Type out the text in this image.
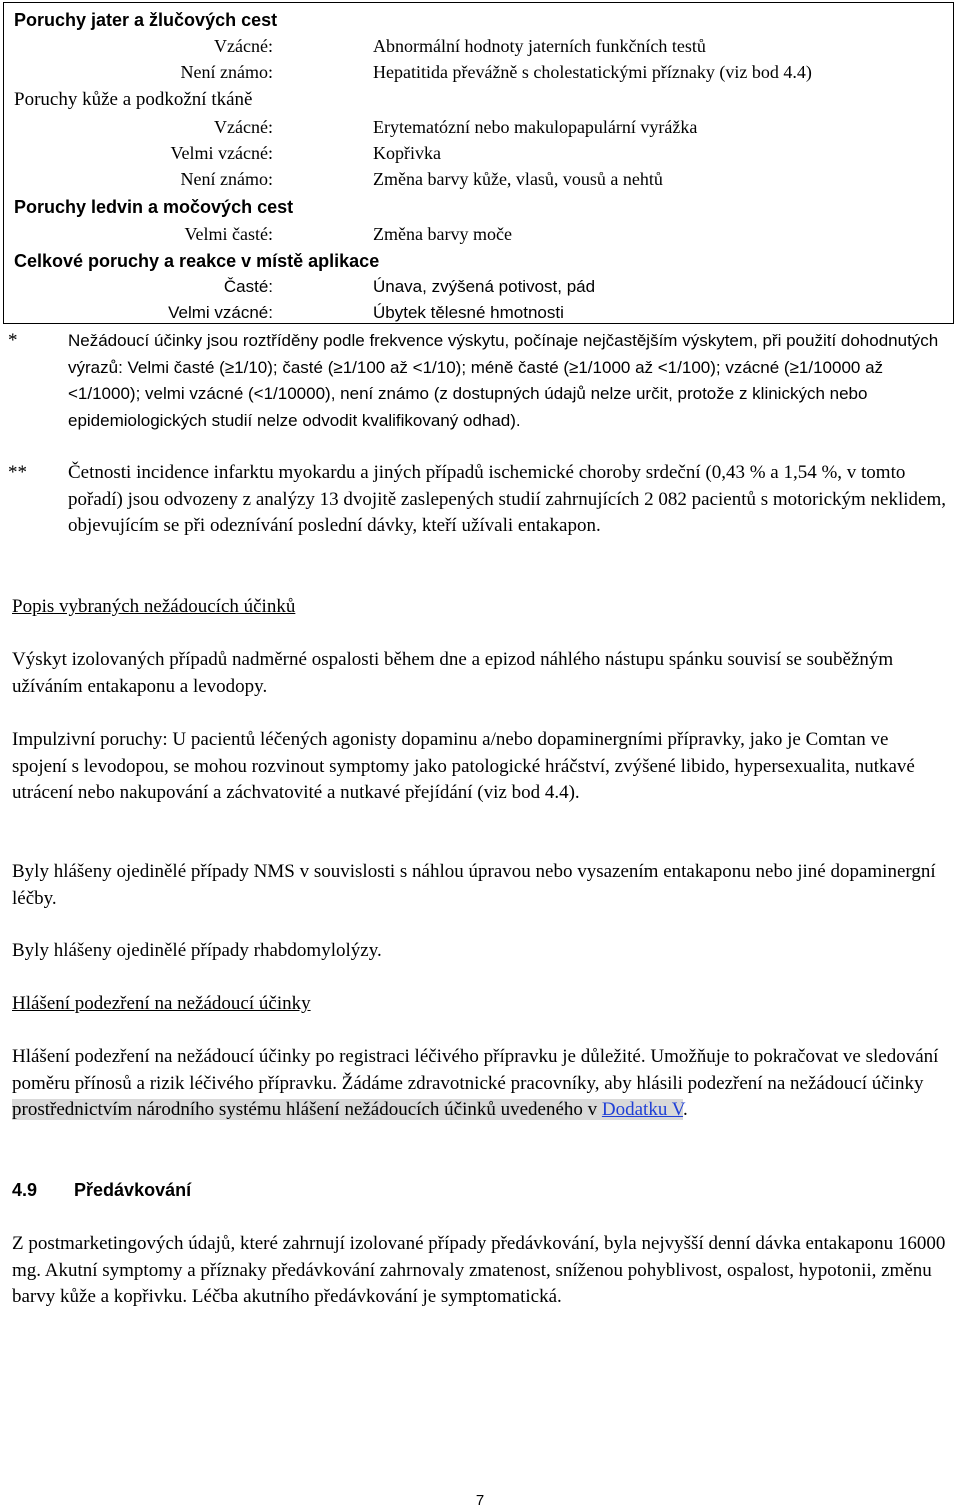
Poruchy jater a žlučových cest
Vzácné:	Abnormální hodnoty jaterních funkčních testů
Není známo:	Hepatitida převážně s cholestatickými příznaky (viz bod 4.4)
Poruchy kůže a podkožní tkáně
Vzácné:	Erytematózní nebo makulopapulární vyrážka
Velmi vzácné:	Kopřivka
Není známo:	Změna barvy kůže, vlasů, vousů a nehtů
Poruchy ledvin a močových cest
Velmi časté:	Změna barvy moče
Celkové poruchy a reakce v místě aplikace
Časté:	Únava, zvýšená potivost, pád
Velmi vzácné:	Úbytek tělesné hmotnosti
*	Nežádoucí účinky jsou roztříděny podle frekvence výskytu, počínaje nejčastějším výskytem, při použití dohodnutých výrazů: Velmi časté (≥1/10); časté (≥1/100 až <1/10); méně časté (≥1/1000 až <1/100); vzácné (≥1/10000 až <1/1000); velmi vzácné (<1/10000), není známo (z dostupných údajů nelze určit, protože z klinických nebo epidemiologických studií nelze odvodit kvalifikovaný odhad).
** Četnosti incidence infarktu myokardu a jiných případů ischemické choroby srdeční (0,43 % a 1,54 %, v tomto pořadí) jsou odvozeny z analýzy 13 dvojitě zaslepených studií zahrnujících 2 082 pacientů s motorickým neklidem, objevujícím se při odeznívání poslední dávky, kteří užívali entakapon.
Popis vybraných nežádoucích účinků
Výskyt izolovaných případů nadměrné ospalosti během dne a epizod náhlého nástupu spánku souvisí se souběžným užíváním entakaponu a levodopy.
Impulzivní poruchy: U pacientů léčených agonisty dopaminu a/nebo dopaminergními přípravky, jako je Comtan ve spojení s levodopou, se mohou rozvinout symptomy jako patologické hráčství, zvýšené libido, hypersexualita, nutkavé utrácení nebo nakupování a záchvatovité a nutkavé přejídání (viz bod 4.4).
Byly hlášeny ojedinělé případy NMS v souvislosti s náhlou úpravou nebo vysazením entakaponu nebo jiné dopaminergní léčby.
Byly hlášeny ojedinělé případy rhabdomylolýzy.
Hlášení podezření na nežádoucí účinky
Hlášení podezření na nežádoucí účinky po registraci léčivého přípravku je důležité. Umožňuje to pokračovat ve sledování poměru přínosů a rizik léčivého přípravku. Žádáme zdravotnické pracovníky, aby hlásili podezření na nežádoucí účinky prostřednictvím národního systému hlášení nežádoucích účinků uvedeného v Dodatku V.
4.9 Předávkování
Z postmarketingových údajů, které zahrnují izolované případy předávkování, byla nejvyšší denní dávka entakaponu 16000 mg. Akutní symptomy a příznaky předávkování zahrnovaly zmatenost, sníženou pohyblivost, ospalost, hypotonii, změnu barvy kůže a kopřivku. Léčba akutního předávkování je symptomatická.
7
